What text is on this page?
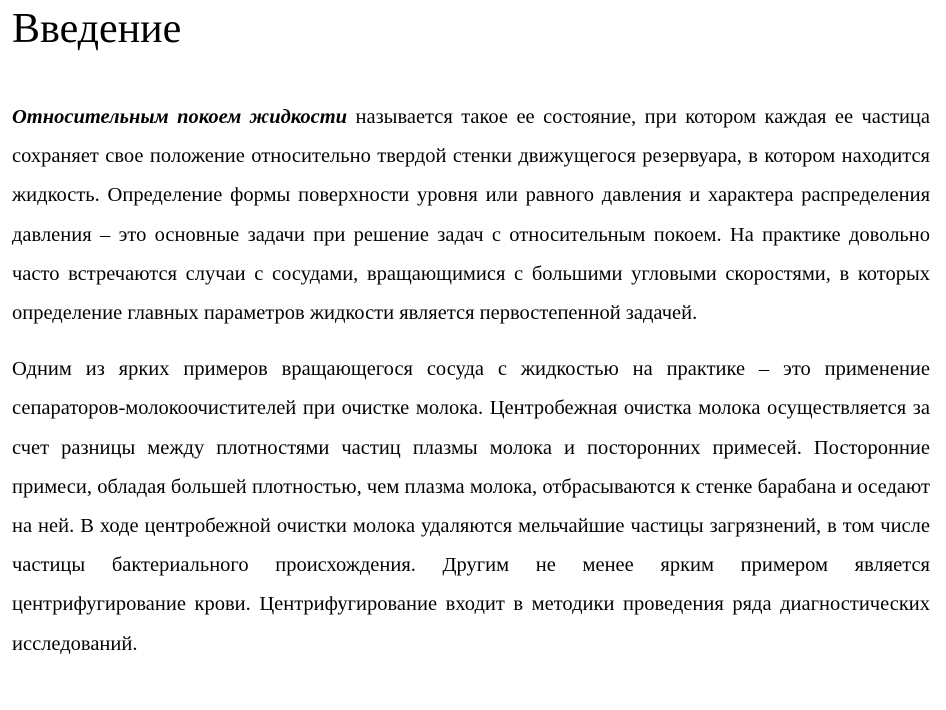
Введение

Относительным покоем жидкости называется такое ее состояние, при котором каждая ее частица сохраняет свое положение относительно твердой стенки движущегося резервуара, в котором находится жидкость. Определение формы поверхности уровня или равного давления и характера распределения давления – это основные задачи при решение задач с относительным покоем. На практике довольно часто встречаются случаи с сосудами, вращающимися с большими угловыми скоростями, в которых определение главных параметров жидкости является первостепенной задачей.

Одним из ярких примеров вращающегося сосуда с жидкостью на практике – это применение сепараторов-молокоочистителей при очистке молока. Центробежная очистка молока осуществляется за счет разницы между плотностями частиц плазмы молока и посторонних примесей. Посторонние примеси, обладая большей плотностью, чем плазма молока, отбрасываются к стенке барабана и оседают на ней. В ходе центробежной очистки молока удаляются мельчайшие частицы загрязнений, в том числе частицы бактериального происхождения. Другим не менее ярким примером является центрифугирование крови. Центрифугирование входит в методики проведения ряда диагностических исследований.
